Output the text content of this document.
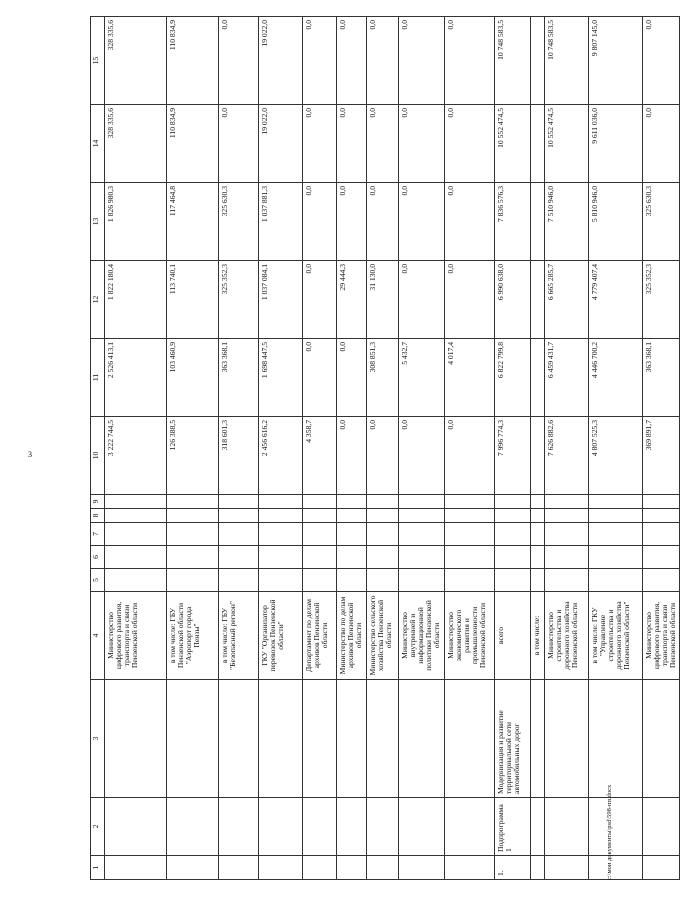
3
1	2	3	4	5	6	7	8	9	10	11	12	13	14	15
			Министерство цифрового развития, транспорта и связи Пензенской области						3 222 744,5	2 526 413,1	1 822 180,4	1 826 980,3	328 335,6	328 335,6
			в том числе: ГБУ Пензенской области "Аэропорт города Пензы"						126 388,5	103 460,9	113 740,1	117 464,8	110 834,9	110 834,9
			в том числе: ГБУ "Безопасный регион"						318 601,3	363 368,1	325 352,3	325 630,3	0,0	0,0
			ГКУ "Организатор перевозок Пензенской области"						2 456 616,2	1 698 447,5	1 037 084,1	1 037 881,3	19 022,0	19 022,0
			Департамент по делам архивов Пензенской области						4 358,7	0,0	0,0	0,0	0,0	0,0
			Министерство по делам архивов Пензенской области						0,0	0,0	29 444,3	0,0	0,0	0,0
			Министерство сельского хозяйства Пензенской области						0,0	308 851,3	31 130,0	0,0	0,0	0,0
			Министерство внутренней и информационной политики Пензенской области						0,0	5 432,7	0,0	0,0	0,0	0,0
			Министерство экономического развития и промышленности Пензенской области						0,0	4 017,4	0,0	0,0	0,0	0,0
1.	Подпрограмма 1	Модернизация и развитие территориальной сети автомобильных дорог	всего						7 996 774,3	6 822 799,8	6 990 638,0	7 836 576,3	10 552 474,5	10 748 583,5
			в том числе:											
			Министерство строительства и дорожного хозяйства Пензенской области						7 626 882,6	6 459 431,7	6 665 285,7	7 510 946,0	10 552 474,5	10 748 583,5
			в том числе: ГКУ "Управление строительства и дорожного хозяйства Пензенской области"						4 807 525,3	4 446 700,2	4 779 407,4	5 810 946,0	9 611 036,0	9 807 145,0
			Министерство цифрового развития, транспорта и связи Пензенской области						369 891,7	363 368,1	325 352,3	325 630,3	0,0	0,0
c:\мои документы\psd\598-пп.docx
